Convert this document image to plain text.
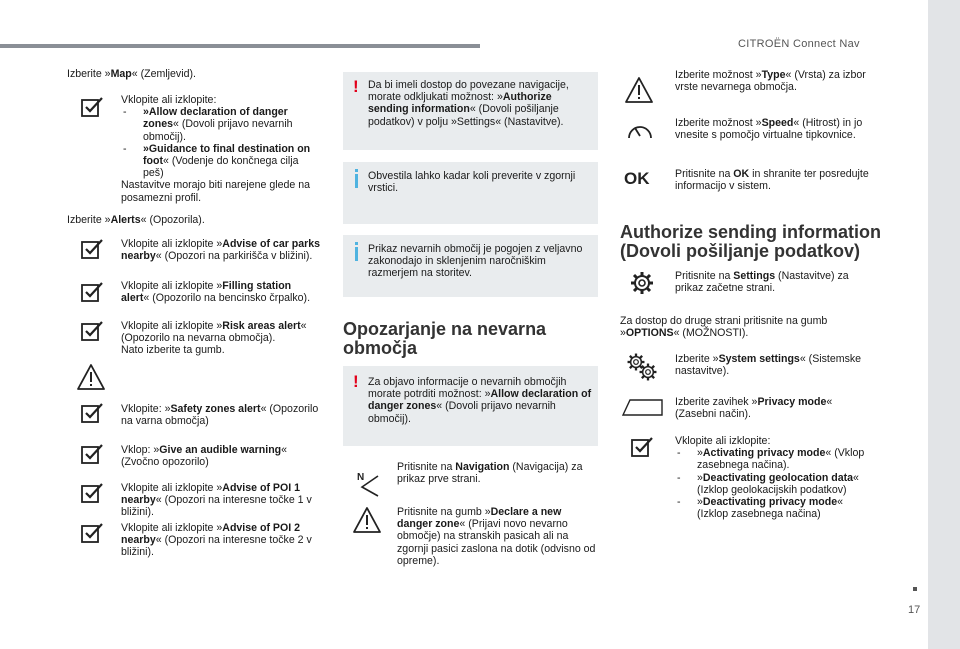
CITROËN Connect Nav
17
Izberite »Map« (Zemljevid).
Vklopite ali izklopite:
- »Allow declaration of danger zones« (Dovoli prijavo nevarnih območij).
- »Guidance to final destination on foot« (Vodenje do končnega cilja peš)
Nastavitve morajo biti narejene glede na posamezni profil.
Izberite »Alerts« (Opozorila).
Vklopite ali izklopite »Advise of car parks nearby« (Opozori na parkirišča v bližini).
Vklopite ali izklopite »Filling station alert« (Opozorilo na bencinsko črpalko).
Vklopite ali izklopite »Risk areas alert« (Opozorilo na nevarna območja).
Nato izberite ta gumb.
Vklopite: »Safety zones alert« (Opozorilo na varna območja)
Vklop: »Give an audible warning« (Zvočno opozorilo)
Vklopite ali izklopite »Advise of POI 1 nearby« (Opozori na interesne točke 1 v bližini).
Vklopite ali izklopite »Advise of POI 2 nearby« (Opozori na interesne točke 2 v bližini).
! Da bi imeli dostop do povezane navigacije, morate odkljukati možnost: »Authorize sending information« (Dovoli pošiljanje podatkov) v polju »Settings« (Nastavitve).
Obvestila lahko kadar koli preverite v zgornji vrstici.
Prikaz nevarnih območij je pogojen z veljavno zakonodajo in sklenjenim naročniškim razmerjem na storitev.
Opozarjanje na nevarna območja
! Za objavo informacije o nevarnih območjih morate potrditi možnost: »Allow declaration of danger zones« (Dovoli prijavo nevarnih območij).
N
Pritisnite na Navigation (Navigacija) za prikaz prve strani.
Pritisnite na gumb »Declare a new danger zone« (Prijavi novo nevarno območje) na stranskih pasicah ali na zgornji pasici zaslona na dotik (odvisno od opreme).
Izberite možnost »Type« (Vrsta) za izbor vrste nevarnega območja.
Izberite možnost »Speed« (Hitrost) in jo vnesite s pomočjo virtualne tipkovnice.
OK Pritisnite na OK in shranite ter posredujte informacijo v sistem.
Authorize sending information (Dovoli pošiljanje podatkov)
Pritisnite na Settings (Nastavitve) za prikaz začetne strani.
Za dostop do druge strani pritisnite na gumb »OPTIONS« (MOŽNOSTI).
Izberite »System settings« (Sistemske nastavitve).
Izberite zavihek »Privacy mode« (Zasebni način).
Vklopite ali izklopite:
- »Activating privacy mode« (Vklop zasebnega načina).
- »Deactivating geolocation data« (Izklop geolokacijskih podatkov)
- »Deactivating privacy mode« (Izklop zasebnega načina)
